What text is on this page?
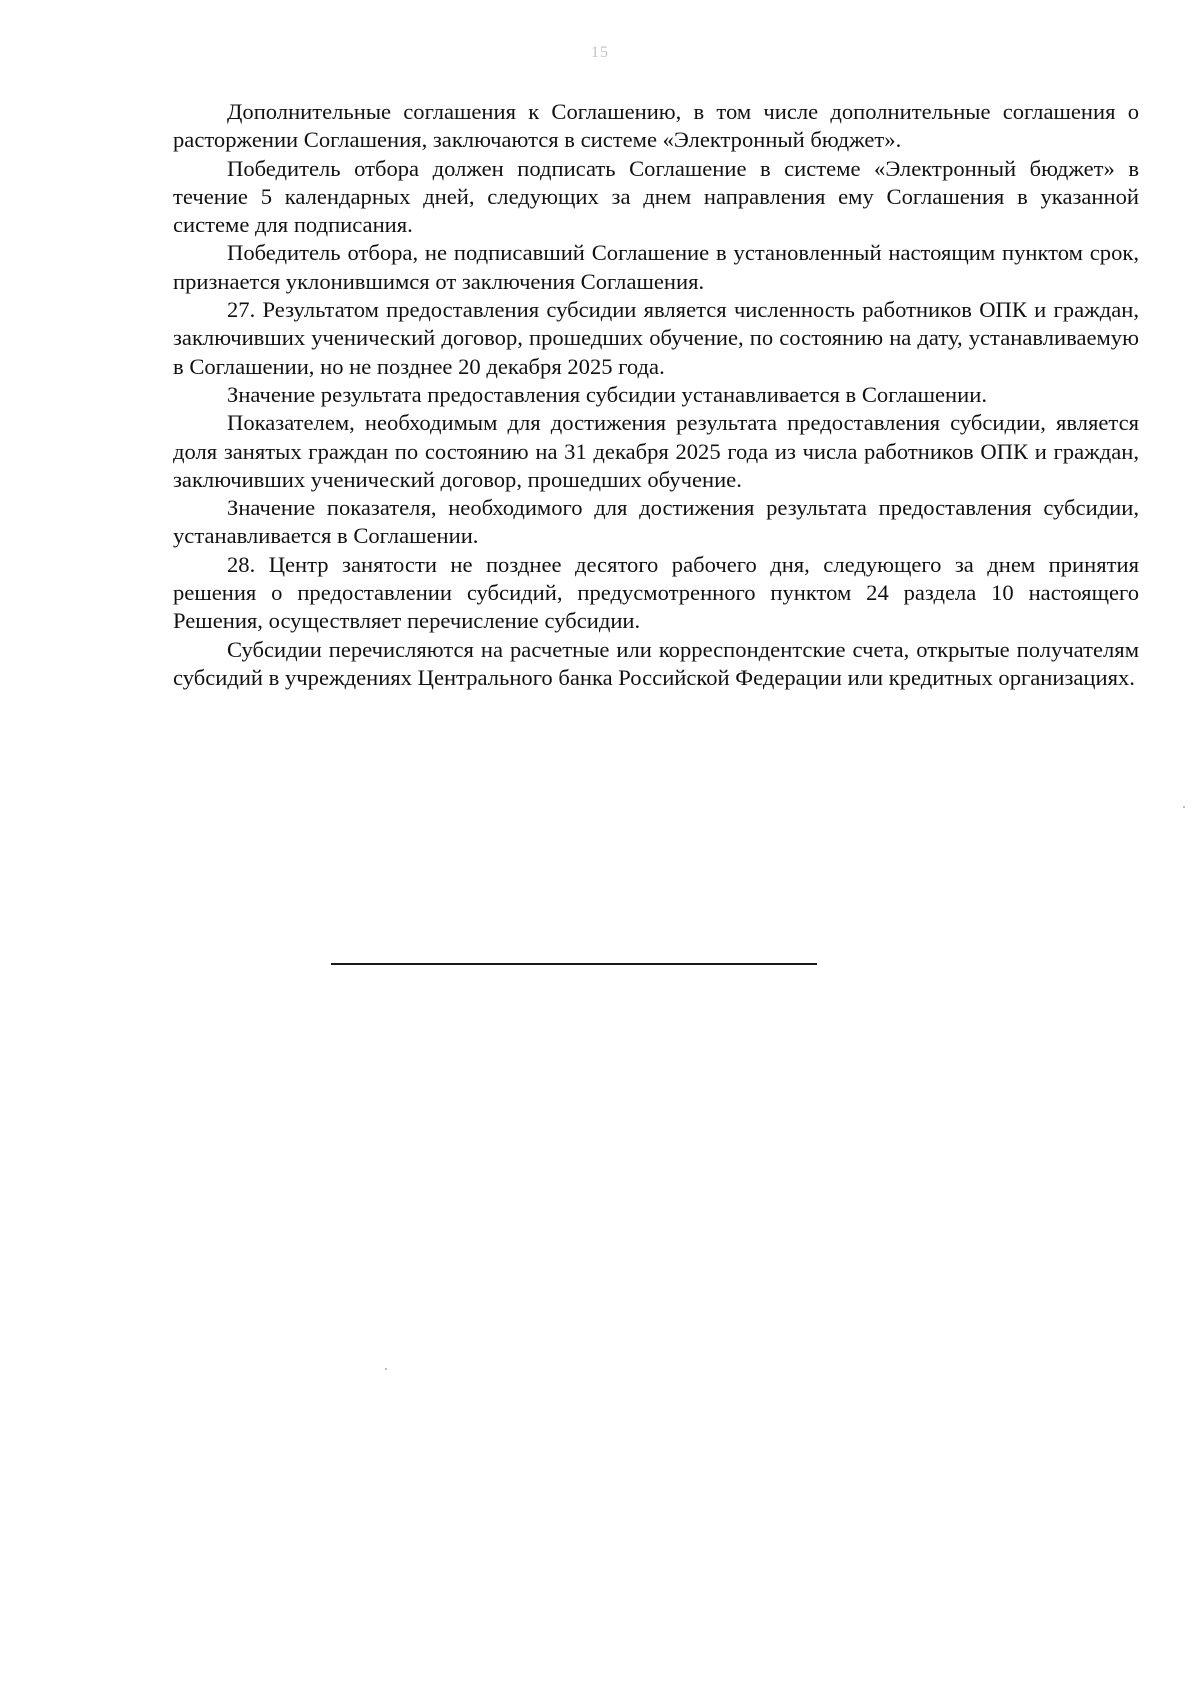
15

Дополнительные соглашения к Соглашению, в том числе дополнительные соглашения о расторжении Соглашения, заключаются в системе «Электронный бюджет».

Победитель отбора должен подписать Соглашение в системе «Электронный бюджет» в течение 5 календарных дней, следующих за днем направления ему Соглашения в указанной системе для подписания.

Победитель отбора, не подписавший Соглашение в установленный настоящим пунктом срок, признается уклонившимся от заключения Соглашения.

27. Результатом предоставления субсидии является численность работников ОПК и граждан, заключивших ученический договор, прошедших обучение, по состоянию на дату, устанавливаемую в Соглашении, но не позднее 20 декабря 2025 года.

Значение результата предоставления субсидии устанавливается в Соглашении.

Показателем, необходимым для достижения результата предоставления субсидии, является доля занятых граждан по состоянию на 31 декабря 2025 года из числа работников ОПК и граждан, заключивших ученический договор, прошедших обучение.

Значение показателя, необходимого для достижения результата предоставления субсидии, устанавливается в Соглашении.

28. Центр занятости не позднее десятого рабочего дня, следующего за днем принятия решения о предоставлении субсидий, предусмотренного пунктом 24 раздела 10 настоящего Решения, осуществляет перечисление субсидии.

Субсидии перечисляются на расчетные или корреспондентские счета, открытые получателям субсидий в учреждениях Центрального банка Российской Федерации или кредитных организациях.
